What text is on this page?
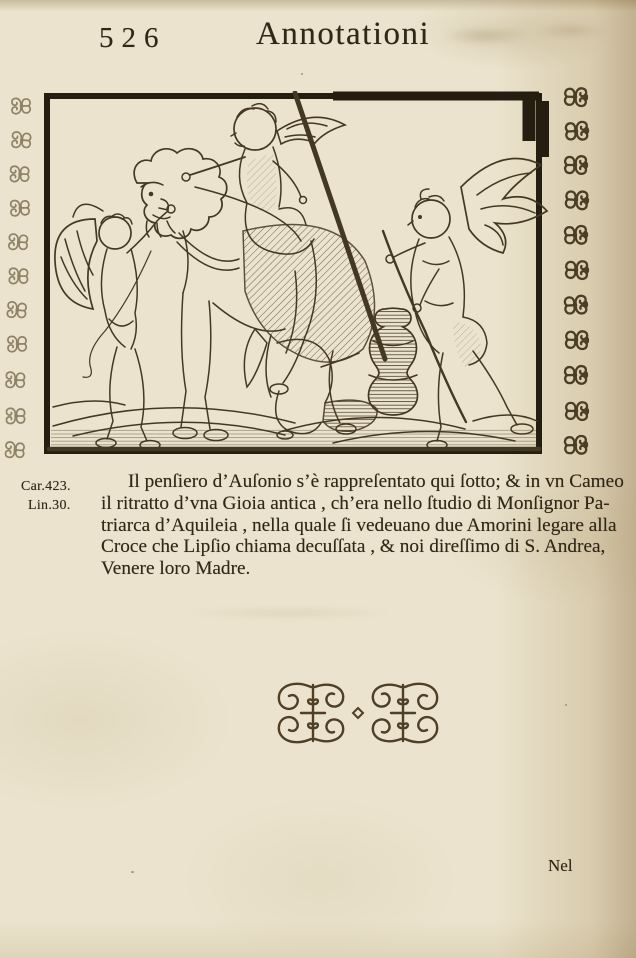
526	Annotationi
Car.423.
Lin.30.
Il penſiero d’Auſonio s’è rappreſentato qui ſotto; & in vn Cameo
il ritratto d’vna Gioia antica , ch’era nello ſtudio di Monſignor Pa-
triarca d’Aquileia , nella quale ſi vedeuano due Amorini legare alla
Croce che Lipſio chiama decuſſata , & noi direſſimo di S. Andrea,
Venere loro Madre.
Nel
